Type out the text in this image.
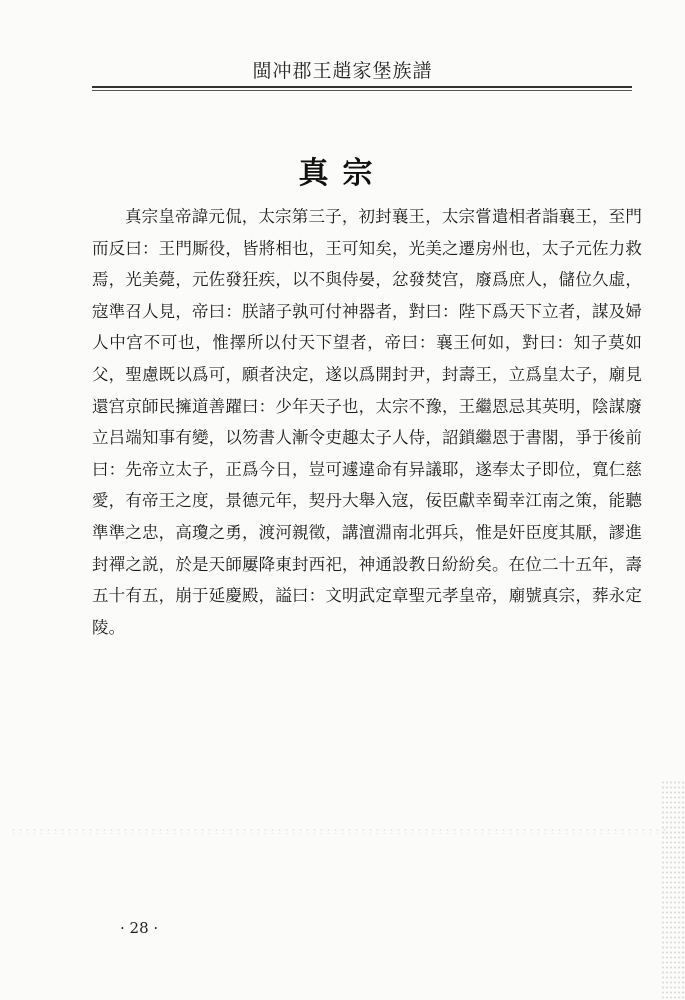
閩冲郡王趙家堡族譜
真宗
真宗皇帝諱元侃，太宗第三子，初封襄王，太宗嘗遣相者詣襄王，至門而反曰：王門厮役，皆將相也，王可知矣，光美之遷房州也，太子元佐力救焉，光美薨，元佐發狂疾，以不與侍晏，忿發焚宫，廢爲庶人，儲位久虛，寇準召人見，帝曰：朕諸子孰可付神器者，對曰：陛下爲天下立者，謀及婦人中宫不可也，惟擇所以付天下望者，帝曰：襄王何如，對曰：知子莫如父，聖慮既以爲可，願者決定，遂以爲開封尹，封壽王，立爲皇太子，廟見還宫京師民擁道善躍曰：少年天子也，太宗不豫，王繼恩忌其英明，陰謀廢立吕端知事有變，以笏書人漸令吏趣太子人侍，詔鎖繼恩于書閣，爭于後前曰：先帝立太子，正爲今日，豈可遽違命有异議耶，遂奉太子即位，寬仁慈愛，有帝王之度，景德元年，契丹大舉入寇，佞臣獻幸蜀幸江南之策，能聽準準之忠，高瓊之勇，渡河親徵，講澶淵南北弭兵，惟是奸臣度其厭，謬進封禪之説，於是天師屢降東封西祀，神通設教日紛紛矣。在位二十五年，壽五十有五，崩于延慶殿，謚曰：文明武定章聖元孝皇帝，廟號真宗，葬永定陵。
· 28 ·
